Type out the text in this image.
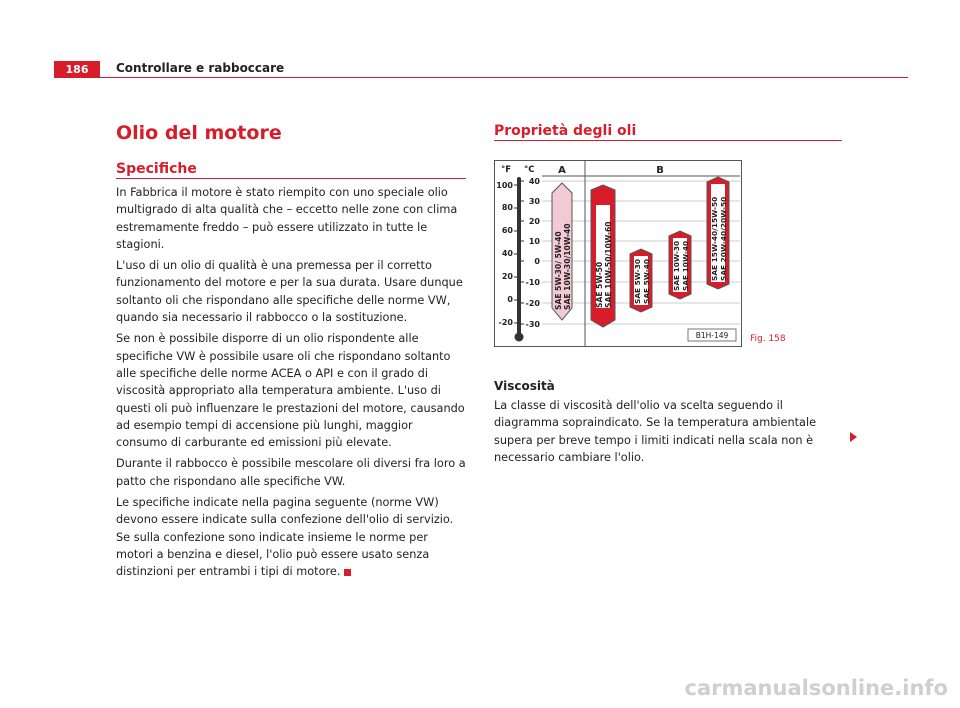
186	Controllare e rabboccare
Olio del motore
Specifiche

In Fabbrica il motore è stato riempito con uno speciale olio multigrado di alta qualità che – eccetto nelle zone con clima estremamente freddo – può essere utilizzato in tutte le stagioni.

L'uso di un olio di qualità è una premessa per il corretto funzionamento del motore e per la sua durata. Usare dunque soltanto oli che rispondano alle specifiche delle norme VW, quando sia necessario il rabbocco o la sostituzione.

Se non è possibile disporre di un olio rispondente alle specifiche VW è possibile usare oli che rispondano soltanto alle specifiche delle norme ACEA o API e con il grado di viscosità appropriato alla temperatura ambiente. L'uso di questi oli può influenzare le prestazioni del motore, causando ad esempio tempi di accensione più lunghi, maggior consumo di carburante ed emissioni più elevate.

Durante il rabbocco è possibile mescolare oli diversi fra loro a patto che rispondano alle specifiche VW.

Le specifiche indicate nella pagina seguente (norme VW) devono essere indicate sulla confezione dell'olio di servizio. Se sulla confezione sono indicate insieme le norme per motori a benzina e diesel, l'olio può essere usato senza distinzioni per entrambi i tipi di motore.

Proprietà degli oli
°F °C A	B
100
80
60
40
20
0
-20
40
30
20
10
0
-10
-20
-30
SAE 5W-30/ 5W-40 SAE 10W-30/10W-40	SAE 5W-50 SAE 10W-50/10W-60	SAE 5W-30 SAE 5W-40	SAE 10W-30 SAE 10W-40	SAE 15W-40/15W-50 SAE 20W-40/20W-50
B1H-149 Fig. 158
Viscosità

La classe di viscosità dell'olio va scelta seguendo il diagramma sopraindicato. Se la temperatura ambientale supera per breve tempo i limiti indicati nella scala non è necessario cambiare l'olio.

carmanualsonline.info
